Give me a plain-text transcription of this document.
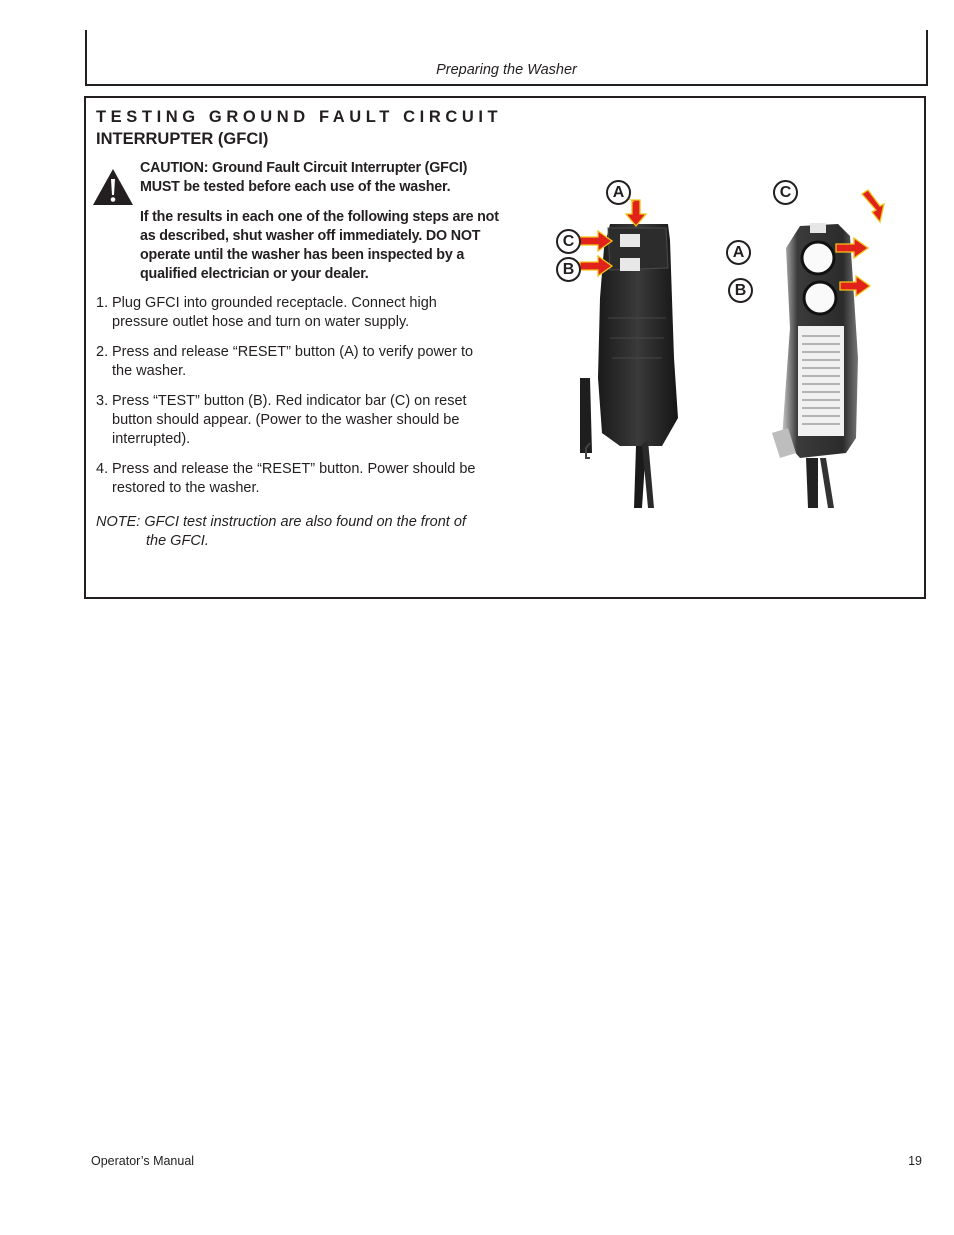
Preparing the Washer
TESTING GROUND FAULT CIRCUIT
INTERRUPTER (GFCI)

CAUTION: Ground Fault Circuit Interrupter (GFCI) MUST be tested before each use of the washer.

If the results in each one of the following steps are not as described, shut washer off immediately. DO NOT operate until the washer has been inspected by a qualified electrician or your dealer.

1. Plug GFCI into grounded receptacle. Connect high pressure outlet hose and turn on water supply.
2. Press and release “RESET” button (A) to verify power to the washer.
3. Press “TEST” button (B). Red indicator bar (C) on reset button should appear. (Power to the washer should be interrupted).
4. Press and release the “RESET” button. Power should be restored to the washer.
NOTE: GFCI test instruction are also found on the front of
the GFCI.
A
C
B
C
A
B
Operator’s Manual	19
